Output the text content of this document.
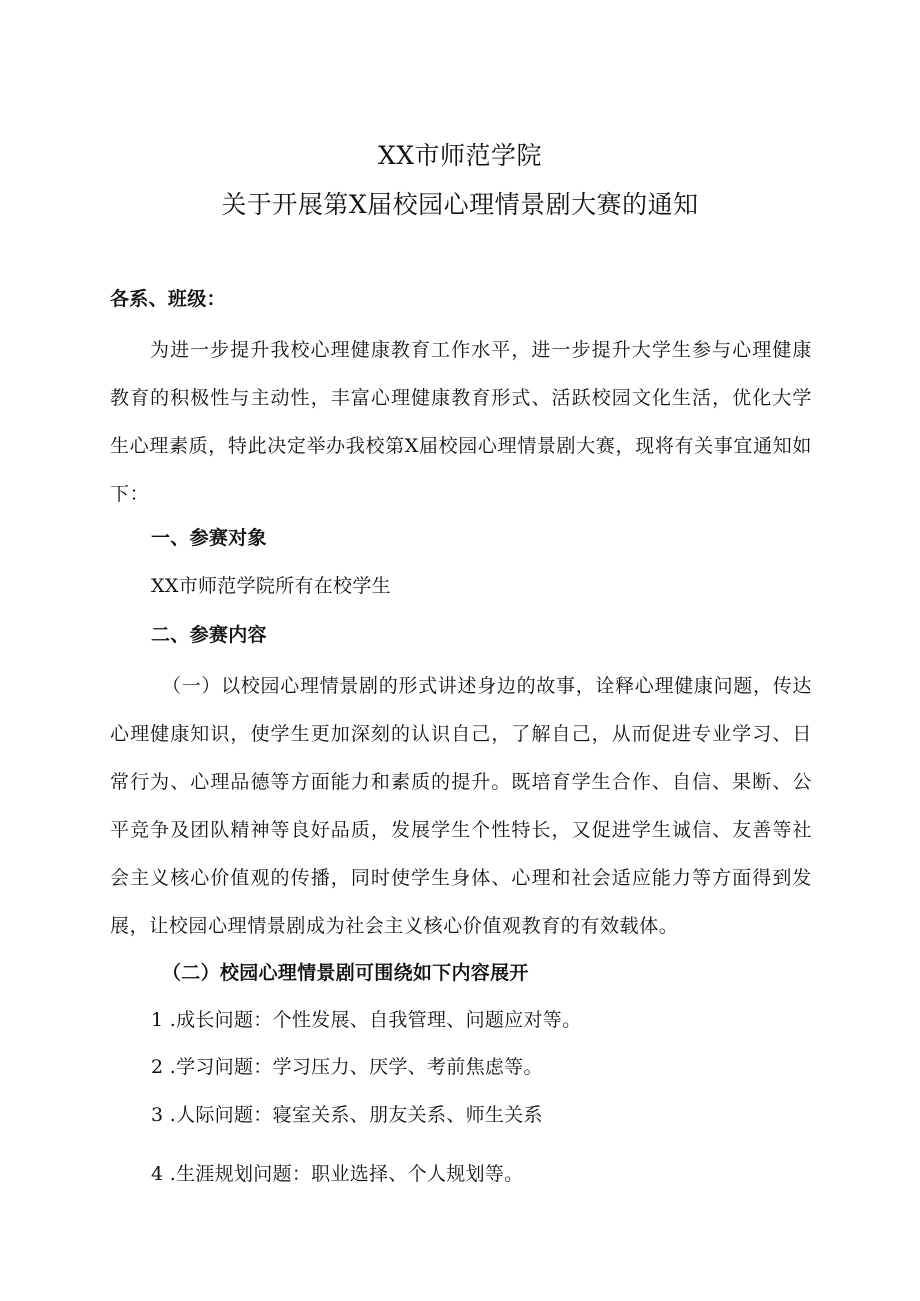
XX市师范学院
关于开展第X届校园心理情景剧大赛的通知
各系、班级：
为进一步提升我校心理健康教育工作水平，进一步提升大学生参与心理健康教育的积极性与主动性，丰富心理健康教育形式、活跃校园文化生活，优化大学生心理素质，特此决定举办我校第X届校园心理情景剧大赛，现将有关事宜通知如下：
一、参赛对象
XX市师范学院所有在校学生
二、参赛内容
（一）以校园心理情景剧的形式讲述身边的故事，诠释心理健康问题，传达心理健康知识，使学生更加深刻的认识自己，了解自己，从而促进专业学习、日常行为、心理品德等方面能力和素质的提升。既培育学生合作、自信、果断、公平竞争及团队精神等良好品质，发展学生个性特长，又促进学生诚信、友善等社会主义核心价值观的传播，同时使学生身体、心理和社会适应能力等方面得到发展，让校园心理情景剧成为社会主义核心价值观教育的有效载体。
（二）校园心理情景剧可围绕如下内容展开
1 .成长问题：个性发展、自我管理、问题应对等。
2 .学习问题：学习压力、厌学、考前焦虑等。
3 .人际问题：寝室关系、朋友关系、师生关系
4 .生涯规划问题：职业选择、个人规划等。
